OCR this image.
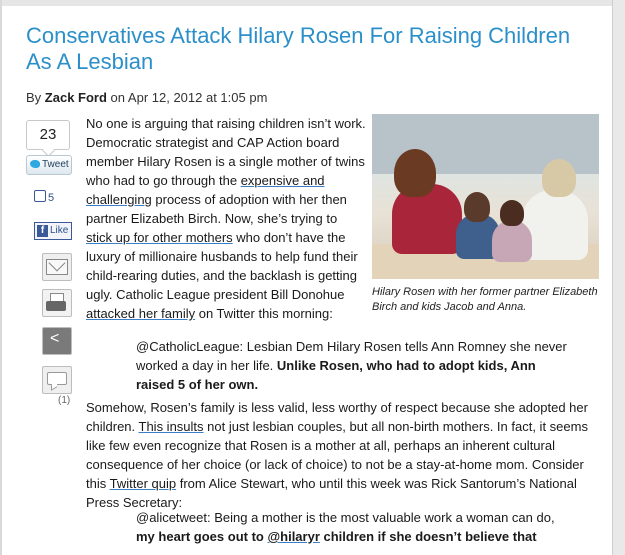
Conservatives Attack Hilary Rosen For Raising Children As A Lesbian
By Zack Ford on Apr 12, 2012 at 1:05 pm
23
Tweet
5
f Like
<
(1)
No one is arguing that raising children isn’t work. Democratic strategist and CAP Action board member Hilary Rosen is a single mother of twins who had to go through the expensive and challenging process of adoption with her then partner Elizabeth Birch. Now, she’s trying to stick up for other mothers who don’t have the luxury of millionaire husbands to help fund their child-rearing duties, and the backlash is getting ugly. Catholic League president Bill Donohue attacked her family on Twitter this morning:
Hilary Rosen with her former partner Elizabeth Birch and kids Jacob and Anna.
@CatholicLeague: Lesbian Dem Hilary Rosen tells Ann Romney she never worked a day in her life. Unlike Rosen, who had to adopt kids, Ann raised 5 of her own.
Somehow, Rosen’s family is less valid, less worthy of respect because she adopted her children. This insults not just lesbian couples, but all non-birth mothers. In fact, it seems like few even recognize that Rosen is a mother at all, perhaps an inherent cultural consequence of her choice (or lack of choice) to not be a stay-at-home mom. Consider this Twitter quip from Alice Stewart, who until this week was Rick Santorum’s National Press Secretary:
@alicetweet: Being a mother is the most valuable work a woman can do, my heart goes out to @hilaryr children if she doesn’t believe that
